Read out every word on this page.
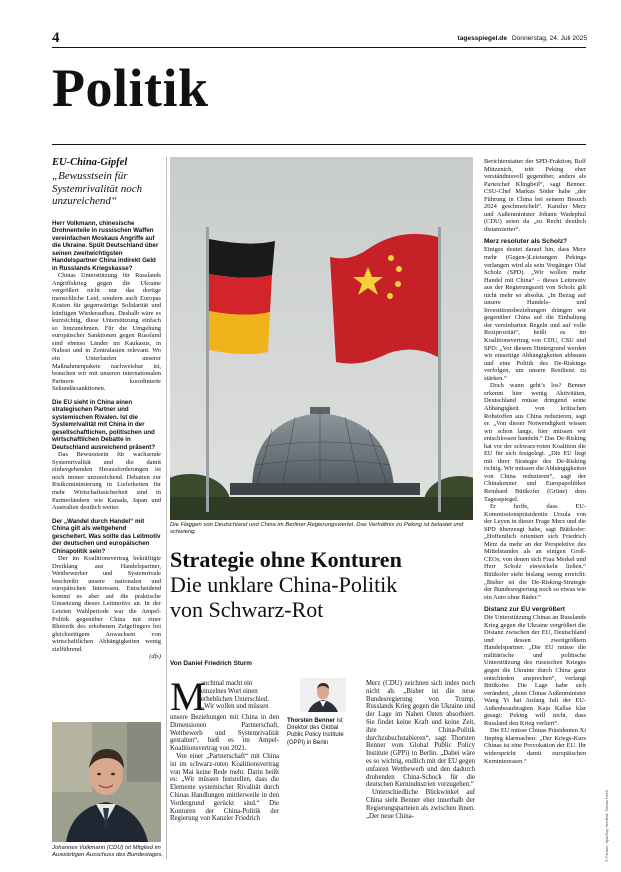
4	tagesspiegel.de Donnerstag, 24. Juli 2025
Politik
EU-China-Gipfel
„Bewusstsein für Systemrivalität noch unzureichend“

Herr Volkmann, chinesische Drohnenteile in russischen Waffen vereinfachen Moskaus Angriffe auf die Ukraine. Spült Deutschland über seinen zweitwichtigsten Handelspartner China indirekt Geld in Russlands Kriegskasse?

Chinas Unterstützung für Russlands Angriffskrieg gegen die Ukraine vergrößert nicht nur das dortige menschliche Leid, sondern auch Europas Kosten für gegenwärtige Solidarität und künftigen Wiederaufbau. Deshalb wäre es kurzsichtig, diese Unterstützung einfach so hinzunehmen. Für die Umgehung europäischer Sanktionen gegen Russland sind ebenso Länder im Kaukasus, in Nahost und in Zentralasien relevant. Wo ein Unterlaufen unserer Maßnahmenpakete nachweisbar ist, brauchen wir mit unseren internationalen Partnern koordinierte Sekundärsanktionen.

Die EU sieht in China einen strategischen Partner und systemischen Rivalen. Ist die Systemrivalität mit China in der gesellschaftlichen, politischen und wirtschaftlichen Debatte in Deutschland ausreichend präsent?

Das Bewusstsein für wachsende Systemrivalität und die damit einhergehenden Herausforderungen ist noch immer unzureichend. Debatten zur Risikominimierung in Lieferketten für mehr Wirtschaftssicherheit sind in Partnerländern wie Kanada, Japan und Australien deutlich weiter.

Der „Wandel durch Handel“ mit China gilt als weitgehend gescheitert. Was sollte das Leitmotiv der deutschen und europäischen Chinapolitik sein?

Der im Koalitionsvertrag bekräftigte Dreiklang aus Handelspartner, Wettbewerber und Systemrivale beschreibt unsere nationalen und europäischen Interessen. Entscheidend kommt es aber auf die praktische Umsetzung dieses Leitmotivs an. In der Letzten Wahlperiode war die Ampel-Politik gegenüber China mit einer Rhetorik des erhobenen Zeigefingers bei gleichzeitigem Anwachsen von wirtschaftlichen Abhängigkeiten wenig zielführend.

(dfs)
Johannes Volkmann (CDU) ist Mitglied im Auswärtigen Ausschuss des Bundestages.
Die Flaggen von Deutschland und China im Berliner Regierungsviertel. Das Verhältnis zu Peking ist belastet und schwierig.
Strategie ohne Konturen
Die unklare China-Politik
von Schwarz-Rot
Von Daniel Friedrich Sturm
M

anchmal macht ein einzelnes Wort einen erheblichen Unterschied. „Wir wollen und müssen

unsere Beziehungen mit China in den Dimensionen Partnerschaft, Wettbewerb und Systemrivalität gestalten“, hieß es im Ampel-Koalitionsvertrag von 2021.

Von einer „Partnerschaft“ mit China ist im schwarz-roten Koalitionsvertrag von Mai keine Rede mehr. Darin heißt es: „Wir müssen feststellen, dass die Elemente systemischer Rivalität durch Chinas Handlungen mittlerweile in den Vordergrund gerückt sind.“ Die Konturen der China-Politik der Regierung von Kanzler Friedrich

Thorsten Benner ist Direktor des Global Public Policy Institute (GPPi) in Berlin

Merz (CDU) zeichnen sich indes noch nicht ab. „Bisher ist die neue Bundesregierung von Trump, Russlands Krieg gegen die Ukraine und der Lage im Nahen Osten absorbiert. Sie findet keine Kraft und keine Zeit, ihre China-Politik durchzubuchstabieren“, sagt Thorsten Benner vom Global Public Policy Institute (GPPi) in Berlin. „Dabei wäre es so wichtig, endlich mit der EU gegen unfairen Wettbewerb und den dadurch drohenden China-Schock für die deutschen Kernindustrien vorzugehen.“

Unterschiedliche Blickwinkel auf China sieht Benner eher innerhalb der Regierungsparteien als zwischen ihnen. „Der neue China-

Berichterstatter der SPD-Fraktion, Rolf Mützenich, tritt Peking eher verständnisvoll gegenüber, anders als Parteichef Klingbeil“, sagt Benner. CSU-Chef Markus Söder habe „der Führung in China bei seinem Besuch 2024 geschmeichelt“. Kanzler Merz und Außenminister Johann Wadephul (CDU) seien da „zu Recht deutlich distanzierter“.

Merz resoluter als Scholz?

Einiges deutet darauf hin, dass Merz mehr (Gegen-)Leistungen Pekings verlangen wird als sein Vorgänger Olaf Scholz (SPD). „Wir wollen mehr Handel mit China“ – dieses Leitmotiv aus der Regierungszeit von Scholz gilt nicht mehr so absolut. „In Bezug auf unsere Handels- und Investitionsbeziehungen drängen wir gegenüber China auf die Einhaltung der vereinbarten Regeln und auf volle Reziprozität“, heißt es im Koalitionsvertrag von CDU, CSU und SPD: „Vor diesem Hintergrund werden wir einseitige Abhängigkeiten abbauen und eine Politik des De-Riskings verfolgen, um unsere Resilienz zu stärken.“

Doch wann geht’s los? Benner erkennt hier wenig Aktivitäten, Deutschland müsse dringend seine Abhängigkeit von kritischen Rohstoffen aus China reduzieren, sagt er. „Von dieser Notwendigkeit wissen wir schon lange, hier müssen wir entschlossen handeln.“ Das De-Risking hat vor der schwarz-roten Koalition die EU für sich festgelegt. „Die EU liegt mit ihrer Strategie des De-Risking richtig. Wir müssen die Abhängigkeiten von China reduzieren“, sagt der Chinakenner und Europapolitiker Reinhard Bütikofer (Grüne) dem Tagesspiegel.

Er hoffe, dass EU-Kommissionspräsidentin Ursula von der Leyen in dieser Frage Merz und die SPD überzeugt habe, sagt Bütikofer: „Hoffentlich orientiert sich Friedrich Merz da mehr an der Perspektive des Mittelstandes als an einigen Groß-CEOs, von denen sich Frau Merkel und Herr Scholz einwickeln ließen.“ Bütikofer sieht bislang wenig erreicht: „Bisher ist die De-Risking-Strategie der Bundesregierung noch so etwas wie ein Auto ohne Räder.“

Distanz zur EU vergrößert

Die Unterstützung Chinas an Russlands Krieg gegen die Ukraine vergrößert die Distanz zwischen der EU, Deutschland und dessen zweitgrößtem Handelspartner. „Die EU müsse die militärische und politische Unterstützung des russischen Krieges gegen die Ukraine durch China ganz entschieden ansprechen“, verlangt Bütikofer. Die Lage habe sich verändert, „denn Chinas Außenminister Wang Yi hat Anfang Juli der EU-Außenbeauftragten Kaja Kallas klar gesagt: Peking will nicht, dass Russland den Krieg verliert“.

Die EU müsse Chinas Präsidenten Xi Jinping klarmachen: „Der Kriegs-Kurs Chinas ist eine Provokation der EU. Ihr widerspricht damit europäischen Kerninteressen.“

© Picture, dpa/Kay Nietfeld, Tobias Hoch
